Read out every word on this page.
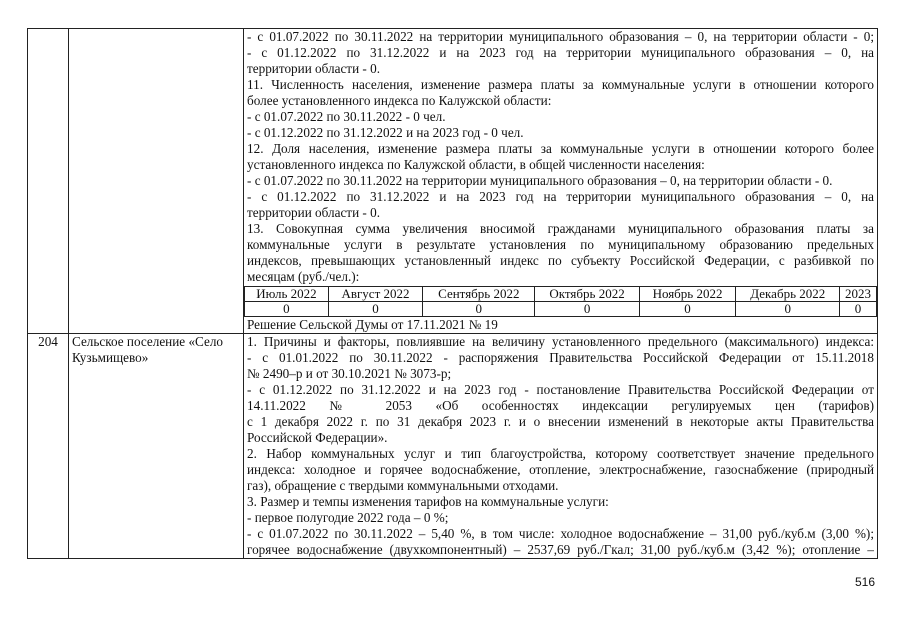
- с 01.07.2022 по 30.11.2022 на территории муниципального образования – 0, на территории области - 0;
- с 01.12.2022 по 31.12.2022 и на 2023 год на территории муниципального образования – 0, на
территории области - 0.
11. Численность населения, изменение размера платы за коммунальные услуги в отношении которого
более установленного индекса по Калужской области:
- с 01.07.2022 по 30.11.2022 - 0 чел.
- с 01.12.2022 по 31.12.2022 и на 2023 год - 0 чел.
12. Доля населения, изменение размера платы за коммунальные услуги в отношении которого более
установленного индекса по Калужской области, в общей численности населения:
- с 01.07.2022 по 30.11.2022 на территории муниципального образования – 0, на территории области - 0.
- с 01.12.2022 по 31.12.2022 и на 2023 год на территории муниципального образования – 0, на
территории области - 0.
13. Совокупная сумма увеличения вносимой гражданами муниципального образования платы за
коммунальные услуги в результате установления по муниципальному образованию предельных
индексов, превышающих установленный индекс по субъекту Российской Федерации, с разбивкой по
месяцам (руб./чел.):
Июль 2022	Август 2022	Сентябрь 2022	Октябрь 2022	Ноябрь 2022	Декабрь 2022	2023
0	0	0	0	0	0	0
Решение Сельской Думы от 17.11.2021 № 19

204	Сельское поселение «Село
Кузьмищево»

1. Причины и факторы, повлиявшие на величину установленного предельного (максимального) индекса:
- с 01.01.2022 по 30.11.2022 - распоряжения Правительства Российской Федерации от 15.11.2018
№ 2490–р и от 30.10.2021 № 3073-р;
- с 01.12.2022 по 31.12.2022 и на 2023 год - постановление Правительства Российской Федерации от
14.11.2022 № 2053 «Об особенностях индексации регулируемых цен (тарифов)
с 1 декабря 2022 г. по 31 декабря 2023 г. и о внесении изменений в некоторые акты Правительства
Российской Федерации».
2. Набор коммунальных услуг и тип благоустройства, которому соответствует значение предельного
индекса: холодное и горячее водоснабжение, отопление, электроснабжение, газоснабжение (природный
газ), обращение с твердыми коммунальными отходами.
3. Размер и темпы изменения тарифов на коммунальные услуги:
- первое полугодие 2022 года – 0 %;
- с 01.07.2022 по 30.11.2022 – 5,40 %, в том числе: холодное водоснабжение – 31,00 руб./куб.м (3,00 %);
горячее водоснабжение (двухкомпонентный) – 2537,69 руб./Гкал; 31,00 руб./куб.м (3,42 %); отопление –
516
